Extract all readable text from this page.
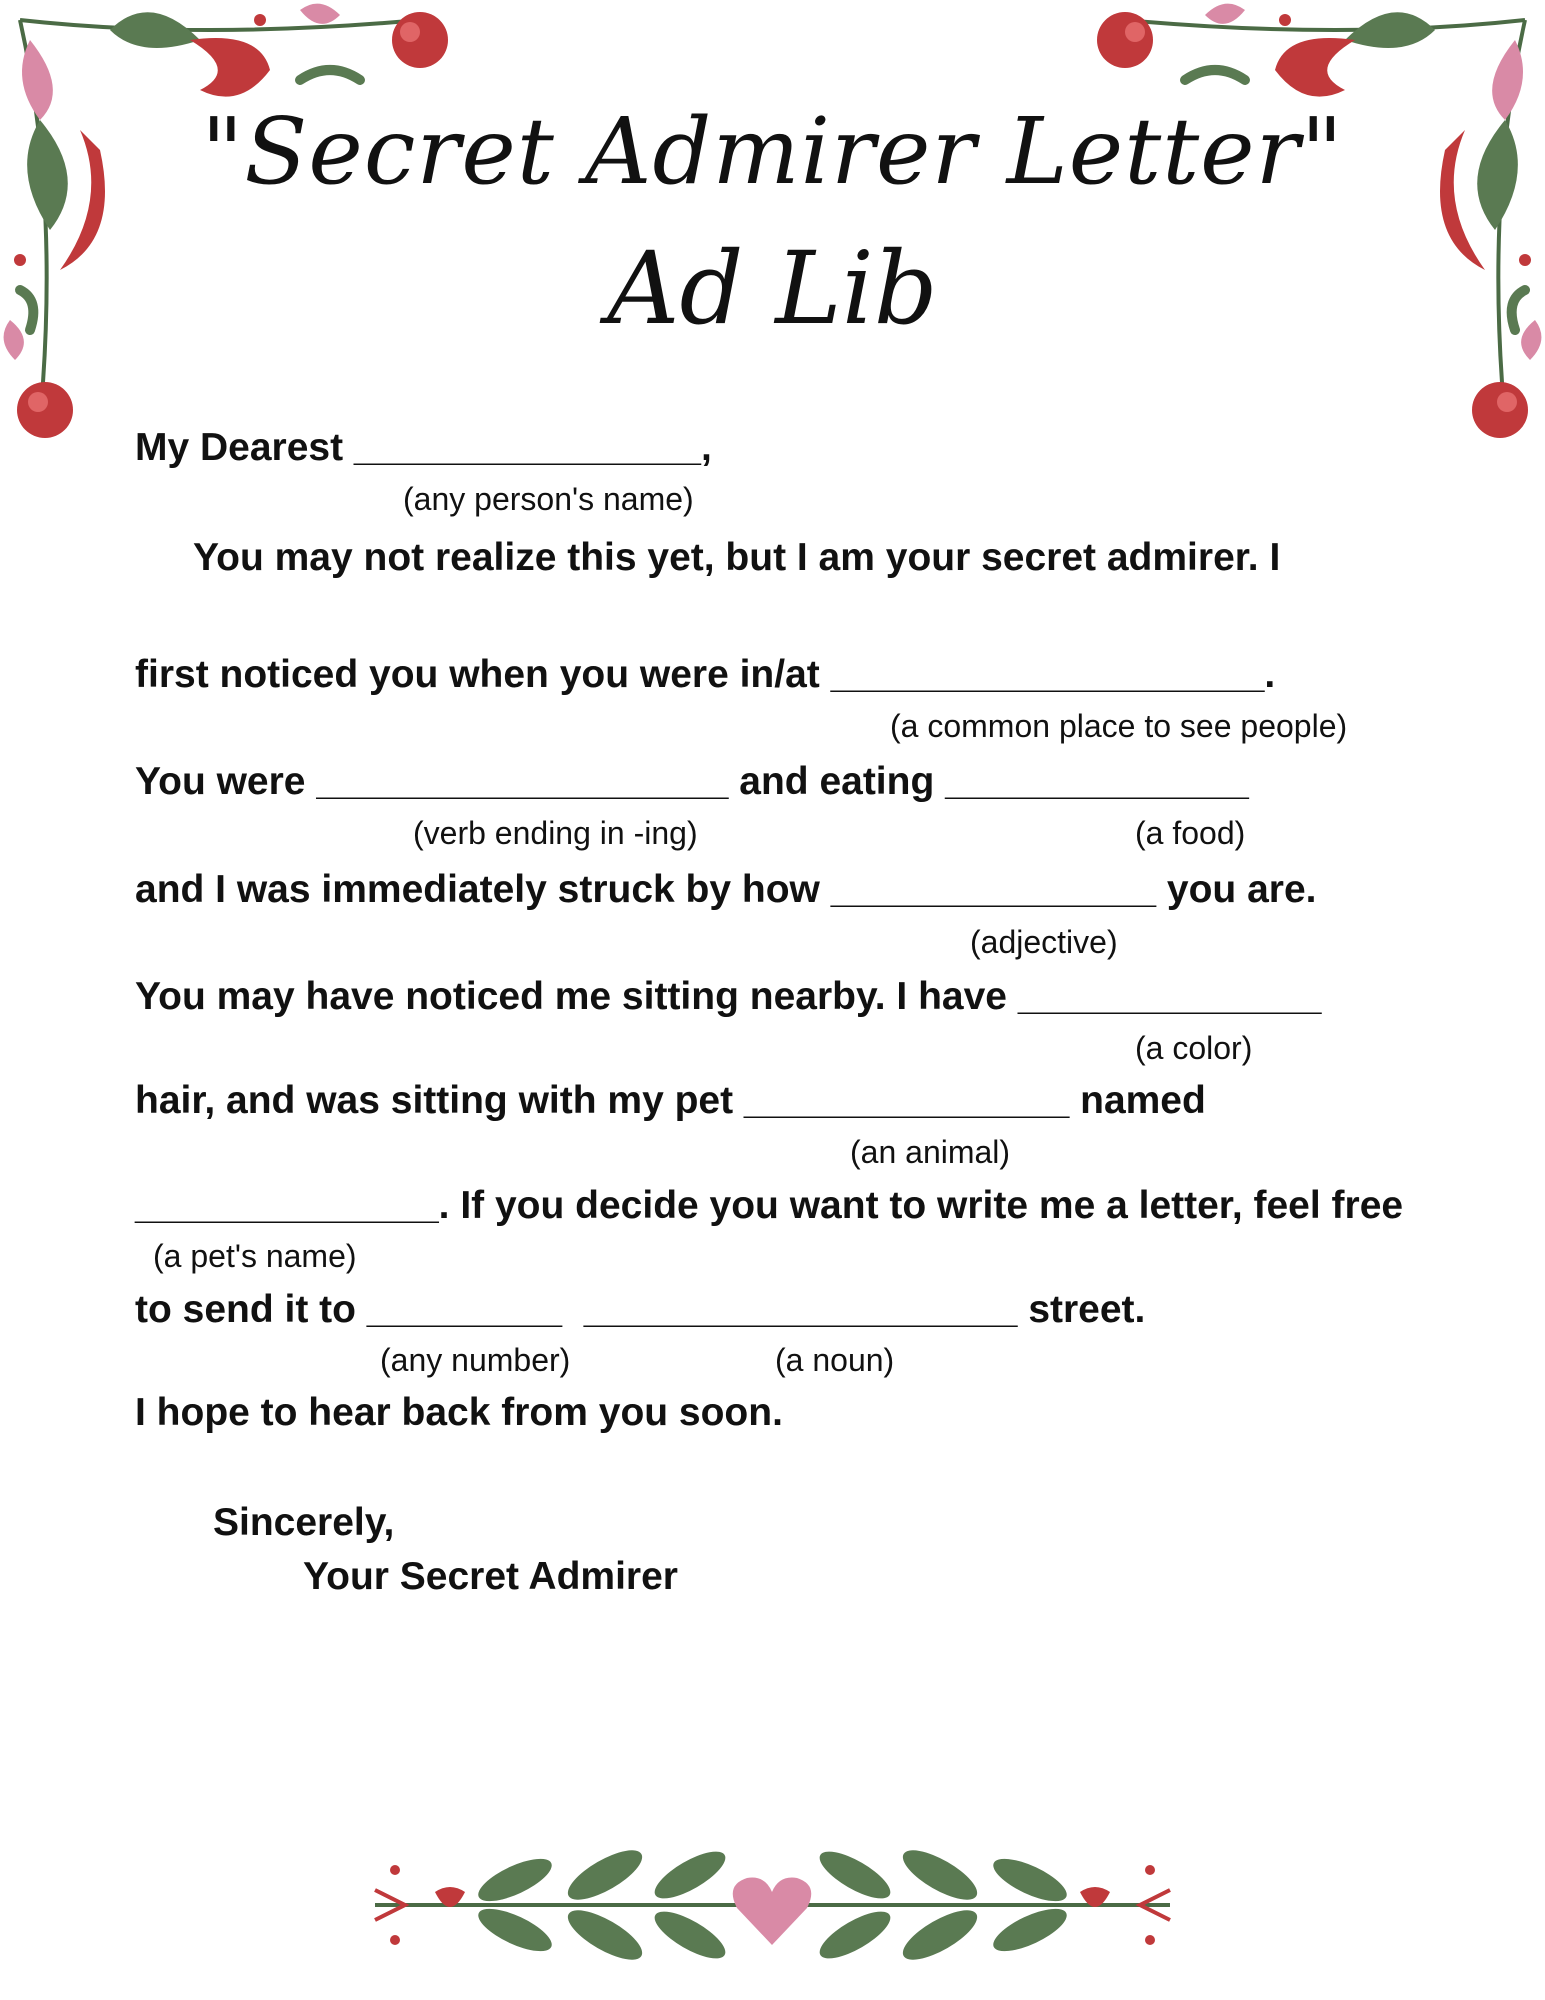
"Secret Admirer Letter"
Ad Lib
My Dearest ________________,
(any person's name)
You may not realize this yet, but I am your secret admirer. I
first noticed you when you were in/at ____________________.
(a common place to see people)
You were ___________________ and eating ______________
(verb ending in -ing)	(a food)
and I was immediately struck by how _______________ you are.
(adjective)
You may have noticed me sitting nearby. I have ______________
(a color)
hair, and was sitting with my pet _______________ named
(an animal)
______________. If you decide you want to write me a letter, feel free
(a pet's name)
to send it to _________  ____________________ street.
(any number)	(a noun)
I hope to hear back from you soon.
Sincerely,
Your Secret Admirer
